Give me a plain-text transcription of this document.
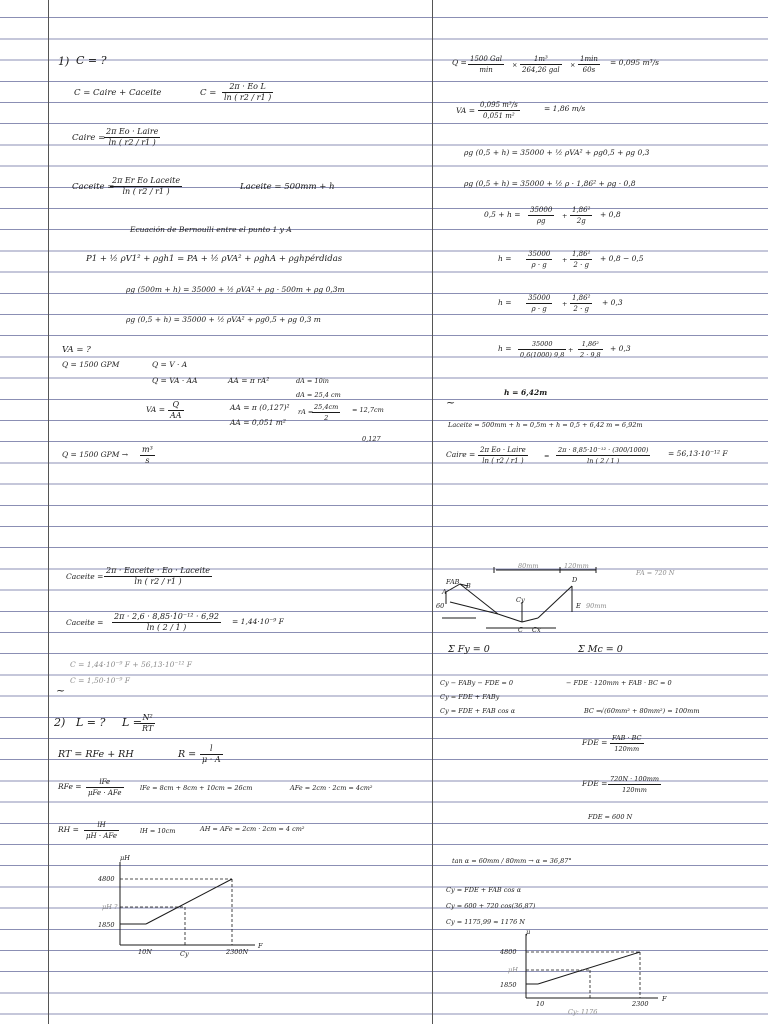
1) C = ?
C = Caire + Caceite	$C = \frac{\text{2π · Eo L}}{\ln ( r2 / r1 )}$
Caire =
2π Eo · Laire
ln ( r2 / r1 )
Caceite =
2π Er Eo Laceite
ln ( r2 / r1 )	Laceite = 500mm + h
Ecuación de Bernoulli entre el punto 1 y A
P1 + ½ ρV1² + ρgh1 = PA + ½ ρVA² + ρghA + ρghpérdidas
ρg (500m + h) = 35000 + ½ ρVA² + ρg · 500m + ρg 0,3m
ρg (0,5 + h) = 35000 + ½ ρVA² + ρg0,5 + ρg 0,3 m
VA = ?
Q = 1500 GPM	Q = V · A
Q = VA · AA	AA = π rA²	dA = 10in
dA = 25,4 cm
VA = $\frac{Q}{AA}$	AA = π (0,127)²
AA = 0,051 m²
rA =
$\frac{25,4cm}{2} = 12,7cm$
0,127
Q = 1500 GPM → $\frac{\text{m³}}{s}$
Caceite =
2π · Eaceite · Eo · Laceite
ln ( r2 / r1 )
Caceite = $\frac{\text{2π · 2,6 · 8,85·10⁻¹² · 6,92}}{\ln ( 2 / 1 )} = 1,44\cdot 10^{-9}$ F
C = 1,44·10⁻⁹ F + 56,13·10⁻¹² F
C = 1,50·10⁻⁹ F
~
2) L = ? L =
$\frac{\text{N²}}{RT}$
RT = RFe + RH	$R = \frac{l}{\mu \cdot A}$
RFe =	lFe
μFe · AFe
lFe = 8cm + 8cm + 10cm = 26cm	AFe = 2cm · 2cm = 4cm²
RH =	lH
μH · AFe
lH = 10cm	AH = AFe = 2cm · 2cm = 4 cm²
μH
4800
μH ?
1850
10N	Cy	2300N
F
Q = 1500 Gal
min
×
1m³
264,26 gal
×
1min
60s
= 0,095 m³/s
VA = $\frac{\text{0,095 m³/s}}{\text{0,051 m²}}$	= 1,86 m/s
ρg (0,5 + h) = 35000 + ½ ρVA² + ρg0,5 + ρg 0,3
ρg (0,5 + h) = 35000 + ½ ρ · 1,86² + ρg · 0,8
$0,5 + h = \frac{35000}{\rho g} + \frac{\text{1,86²}}{2g} + 0,8$
$h = \frac{35000}{\rho \cdot g} + \frac{\text{1,86²}}{2 \cdot g} + 0,8 - 0,5$
$h = \frac{35000}{\rho \cdot g} + \frac{\text{1,86²}}{2 \cdot g} + 0,3$
$h = \frac{35000}{0,6(1000) 9,8} + \frac{\text{1,86²}}{2 \cdot 9,8} + 0,3$
h = 6,42m
~
Laceite = 500mm + h = 0,5m + h = 0,5 + 6,42 m = 6,92m
Caire = 2π Eo · Laire
ln ( r2 / r1 )
= $\frac{\text{2π · 8,85·10⁻¹² · (300/1000)}}{\ln ( 2 / 1 )} = 56,13\cdot 10^{-12}$ F
80mm	120mm
FA = 720 N
A
B
C
D
E
FAB
Cy
Cx
60	90mm
Σ Fy = 0	Σ Mc = 0
Cy − FABy − FDE = 0
Cy = FDE + FABy
Cy = FDE + FAB cos α
− FDE · 120mm + FAB · BC = 0
BC =
√(60mm² + 80mm²) = 100mm
FDE = FAB · BC
120mm
FDE = $\frac{720N \cdot 100mm}{120mm}$
FDE = 600 N
tan α = 60mm / 80mm → α = 36,87°
Cy = FDE + FAB cos α
Cy = 600 + 720 cos(36,87)
Cy = 1175,99 ≈ 1176 N
μ
4800
μH
1850
10
Cy: 1176
2300
F
